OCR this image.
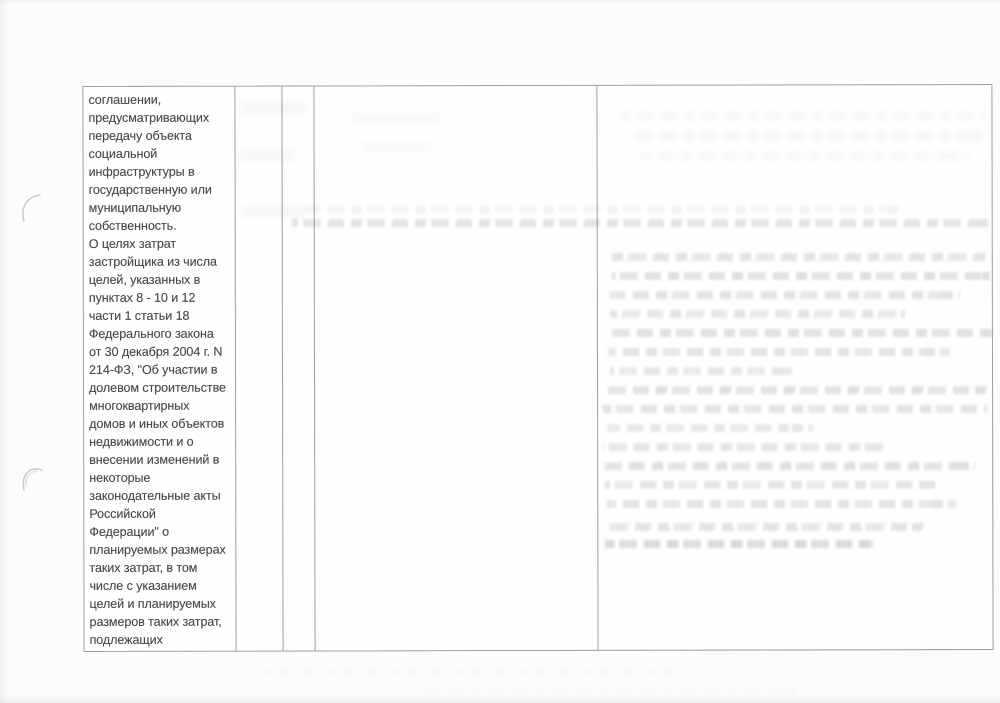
соглашении,
предусматривающих
передачу объекта
социальной
инфраструктуры в
государственную или
муниципальную
собственность.
О целях затрат
застройщика из числа
целей, указанных в
пунктах 8 - 10 и 12
части 1 статьи 18
Федерального закона
от 30 декабря 2004 г. N
214-ФЗ, "Об участии в
долевом строительстве
многоквартирных
домов и иных объектов
недвижимости и о
внесении изменений в
некоторые
законодательные акты
Российской
Федерации" о
планируемых размерах
таких затрат, в том
числе с указанием
целей и планируемых
размеров таких затрат,
подлежащих
